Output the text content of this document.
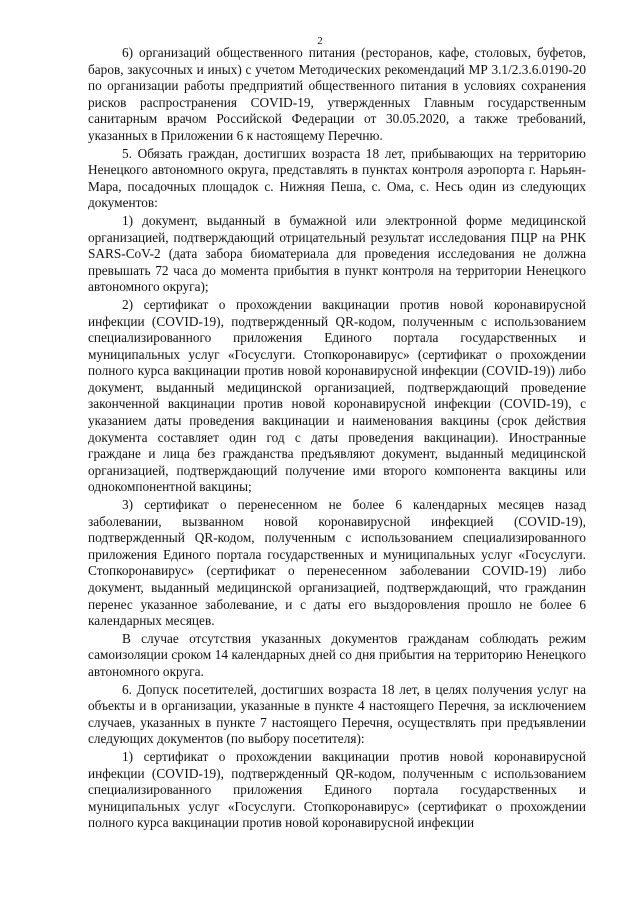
2

6) организаций общественного питания (ресторанов, кафе, столовых, буфетов, баров, закусочных и иных) с учетом Методических рекомендаций МР 3.1/2.3.6.0190-20 по организации работы предприятий общественного питания в условиях сохранения рисков распространения COVID-19, утвержденных Главным государственным санитарным врачом Российской Федерации от 30.05.2020, а также требований, указанных в Приложении 6 к настоящему Перечню.

5. Обязать граждан, достигших возраста 18 лет, прибывающих на территорию Ненецкого автономного округа, представлять в пунктах контроля аэропорта г. Нарьян-Мара, посадочных площадок с. Нижняя Пеша, с. Ома, с. Несь один из следующих документов:

1) документ, выданный в бумажной или электронной форме медицинской организацией, подтверждающий отрицательный результат исследования ПЦР на РНК SARS-CoV-2 (дата забора биоматериала для проведения исследования не должна превышать 72 часа до момента прибытия в пункт контроля на территории Ненецкого автономного округа);

2) сертификат о прохождении вакцинации против новой коронавирусной инфекции (COVID-19), подтвержденный QR-кодом, полученным с использованием специализированного приложения Единого портала государственных и муниципальных услуг «Госуслуги. Стопкоронавирус» (сертификат о прохождении полного курса вакцинации против новой коронавирусной инфекции (COVID-19)) либо документ, выданный медицинской организацией, подтверждающий проведение законченной вакцинации против новой коронавирусной инфекции (COVID-19), с указанием даты проведения вакцинации и наименования вакцины (срок действия документа составляет один год с даты проведения вакцинации). Иностранные граждане и лица без гражданства предъявляют документ, выданный медицинской организацией, подтверждающий получение ими второго компонента вакцины или однокомпонентной вакцины;

3) сертификат о перенесенном не более 6 календарных месяцев назад заболевании, вызванном новой коронавирусной инфекцией (COVID-19), подтвержденный QR-кодом, полученным с использованием специализированного приложения Единого портала государственных и муниципальных услуг «Госуслуги. Стопкоронавирус» (сертификат о перенесенном заболевании COVID-19) либо документ, выданный медицинской организацией, подтверждающий, что гражданин перенес указанное заболевание, и с даты его выздоровления прошло не более 6 календарных месяцев.

В случае отсутствия указанных документов гражданам соблюдать режим самоизоляции сроком 14 календарных дней со дня прибытия на территорию Ненецкого автономного округа.

6. Допуск посетителей, достигших возраста 18 лет, в целях получения услуг на объекты и в организации, указанные в пункте 4 настоящего Перечня, за исключением случаев, указанных в пункте 7 настоящего Перечня, осуществлять при предъявлении следующих документов (по выбору посетителя):

1) сертификат о прохождении вакцинации против новой коронавирусной инфекции (COVID-19), подтвержденный QR-кодом, полученным с использованием специализированного приложения Единого портала государственных и муниципальных услуг «Госуслуги. Стопкоронавирус» (сертификат о прохождении полного курса вакцинации против новой коронавирусной инфекции
